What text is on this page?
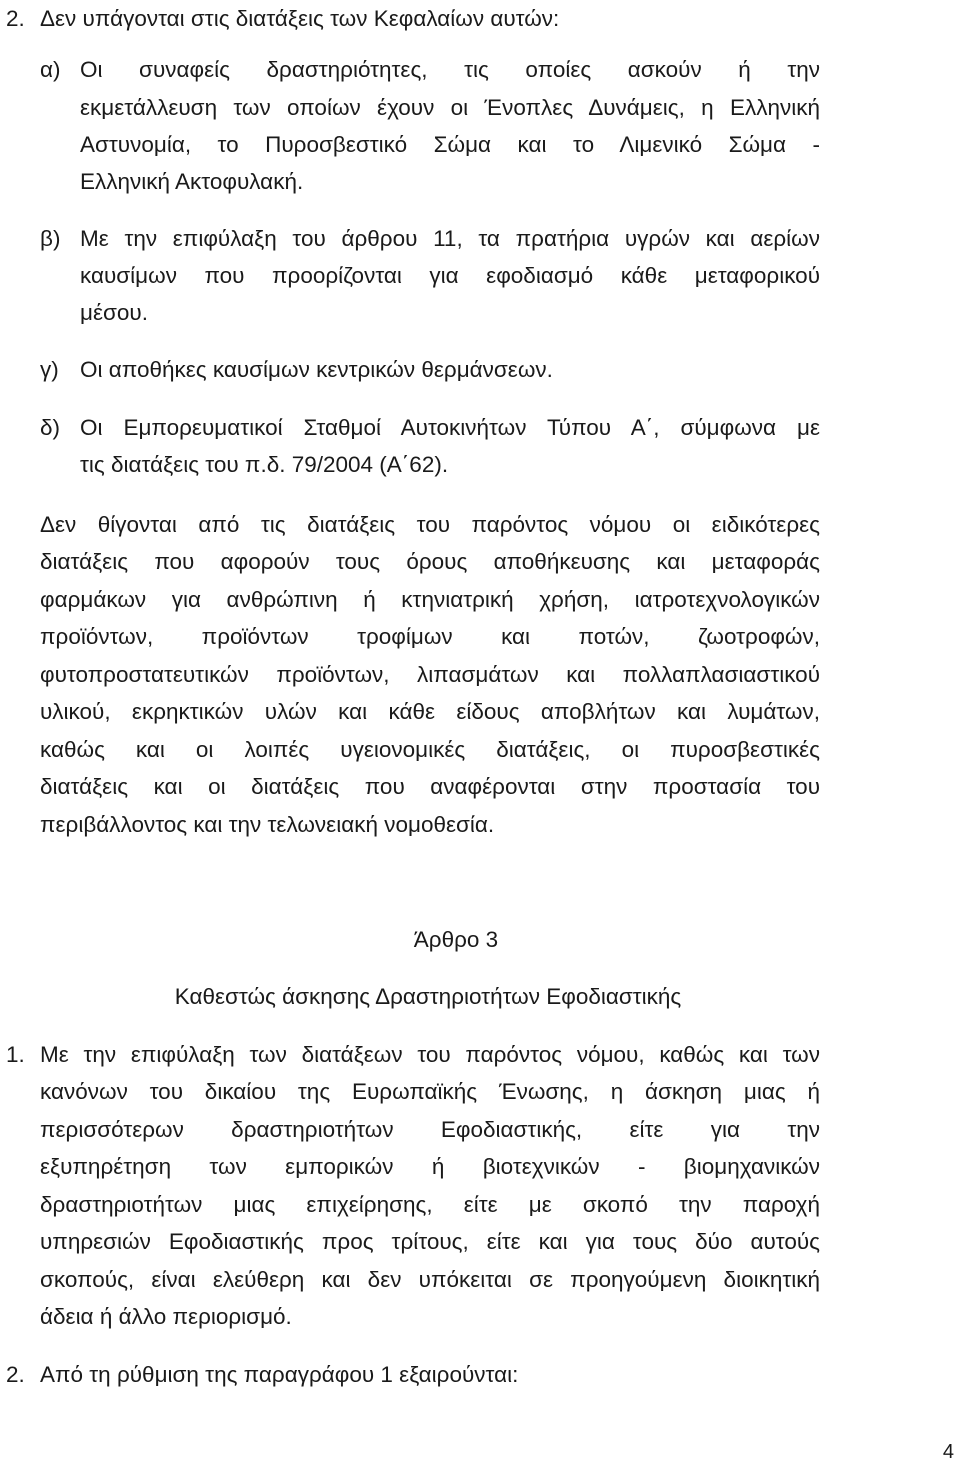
2. Δεν υπάγονται στις διατάξεις των Κεφαλαίων αυτών:
α) Οι συναφείς δραστηριότητες, τις οποίες ασκούν ή την
εκμετάλλευση των οποίων έχουν οι Ένοπλες Δυνάμεις, η Ελληνική
Αστυνομία, το Πυροσβεστικό Σώμα και το Λιμενικό Σώμα -
Ελληνική Ακτοφυλακή.
β) Με την επιφύλαξη του άρθρου 11, τα πρατήρια υγρών και αερίων
καυσίμων που προορίζονται για εφοδιασμό κάθε μεταφορικού
μέσου.
γ) Οι αποθήκες καυσίμων κεντρικών θερμάνσεων.
δ) Οι Εμπορευματικοί Σταθμοί Αυτοκινήτων Τύπου Α΄, σύμφωνα με
τις διατάξεις του π.δ. 79/2004 (Α΄62).
Δεν θίγονται από τις διατάξεις του παρόντος νόμου οι ειδικότερες
διατάξεις που αφορούν τους όρους αποθήκευσης και μεταφοράς
φαρμάκων για ανθρώπινη ή κτηνιατρική χρήση, ιατροτεχνολογικών
προϊόντων, προϊόντων τροφίμων και ποτών, ζωοτροφών,
φυτοπροστατευτικών προϊόντων, λιπασμάτων και πολλαπλασιαστικού
υλικού, εκρηκτικών υλών και κάθε είδους αποβλήτων και λυμάτων,
καθώς και οι λοιπές υγειονομικές διατάξεις, οι πυροσβεστικές
διατάξεις και οι διατάξεις που αναφέρονται στην προστασία του
περιβάλλοντος και την τελωνειακή νομοθεσία.
Άρθρο 3
Καθεστώς άσκησης Δραστηριοτήτων Εφοδιαστικής
1. Με την επιφύλαξη των διατάξεων του παρόντος νόμου, καθώς και των
κανόνων του δικαίου της Ευρωπαϊκής Ένωσης, η άσκηση μιας ή
περισσότερων δραστηριοτήτων Εφοδιαστικής, είτε για την
εξυπηρέτηση των εμπορικών ή βιοτεχνικών - βιομηχανικών
δραστηριοτήτων μιας επιχείρησης, είτε με σκοπό την παροχή
υπηρεσιών Εφοδιαστικής προς τρίτους, είτε και για τους δύο αυτούς
σκοπούς, είναι ελεύθερη και δεν υπόκειται σε προηγούμενη διοικητική
άδεια ή άλλο περιορισμό.
2. Από τη ρύθμιση της παραγράφου 1 εξαιρούνται:
4
